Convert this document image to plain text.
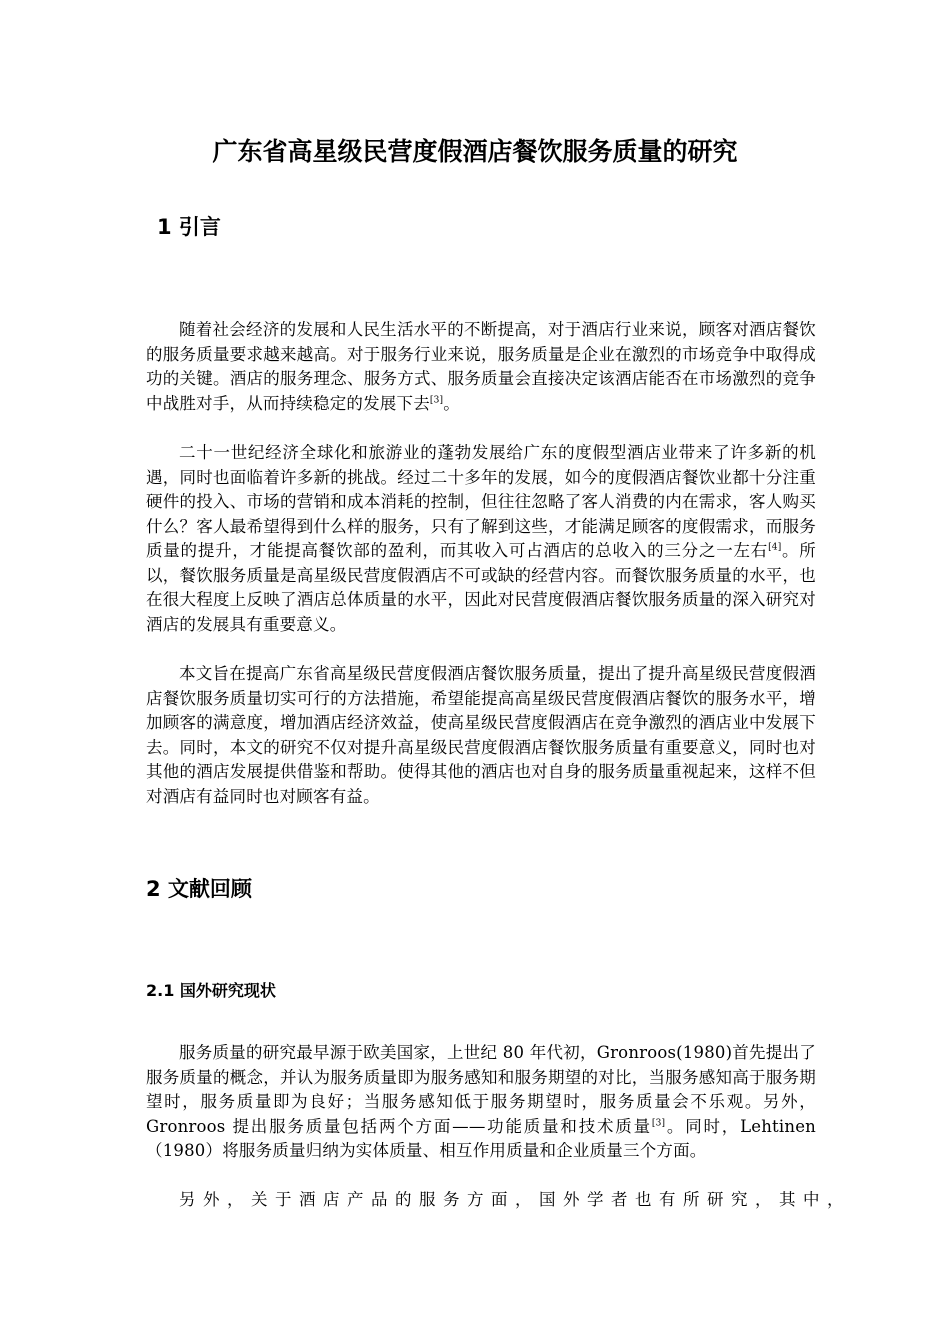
广东省高星级民营度假酒店餐饮服务质量的研究
1 引言

随着社会经济的发展和人民生活水平的不断提高，对于酒店行业来说，顾客对酒店餐饮的服务质量要求越来越高。对于服务行业来说，服务质量是企业在激烈的市场竞争中取得成功的关键。酒店的服务理念、服务方式、服务质量会直接决定该酒店能否在市场激烈的竞争中战胜对手，从而持续稳定的发展下去[3]。

二十一世纪经济全球化和旅游业的蓬勃发展给广东的度假型酒店业带来了许多新的机遇，同时也面临着许多新的挑战。经过二十多年的发展，如今的度假酒店餐饮业都十分注重硬件的投入、市场的营销和成本消耗的控制，但往往忽略了客人消费的内在需求，客人购买什么？客人最希望得到什么样的服务，只有了解到这些，才能满足顾客的度假需求，而服务质量的提升，才能提高餐饮部的盈利，而其收入可占酒店的总收入的三分之一左右[4]。所以，餐饮服务质量是高星级民营度假酒店不可或缺的经营内容。而餐饮服务质量的水平，也在很大程度上反映了酒店总体质量的水平，因此对民营度假酒店餐饮服务质量的深入研究对酒店的发展具有重要意义。

本文旨在提高广东省高星级民营度假酒店餐饮服务质量，提出了提升高星级民营度假酒店餐饮服务质量切实可行的方法措施，希望能提高高星级民营度假酒店餐饮的服务水平，增加顾客的满意度，增加酒店经济效益，使高星级民营度假酒店在竞争激烈的酒店业中发展下去。同时，本文的研究不仅对提升高星级民营度假酒店餐饮服务质量有重要意义，同时也对其他的酒店发展提供借鉴和帮助。使得其他的酒店也对自身的服务质量重视起来，这样不但对酒店有益同时也对顾客有益。

2 文献回顾
2.1 国外研究现状

服务质量的研究最早源于欧美国家，上世纪 80 年代初，Gronroos(1980)首先提出了服务质量的概念，并认为服务质量即为服务感知和服务期望的对比，当服务感知高于服务期望时，服务质量即为良好；当服务感知低于服务期望时，服务质量会不乐观。另外，Gronroos 提出服务质量包括两个方面——功能质量和技术质量[3]。同时，Lehtinen（1980）将服务质量归纳为实体质量、相互作用质量和企业质量三个方面。

另外，关于酒店产品的服务方面，国外学者也有所研究，其中，
